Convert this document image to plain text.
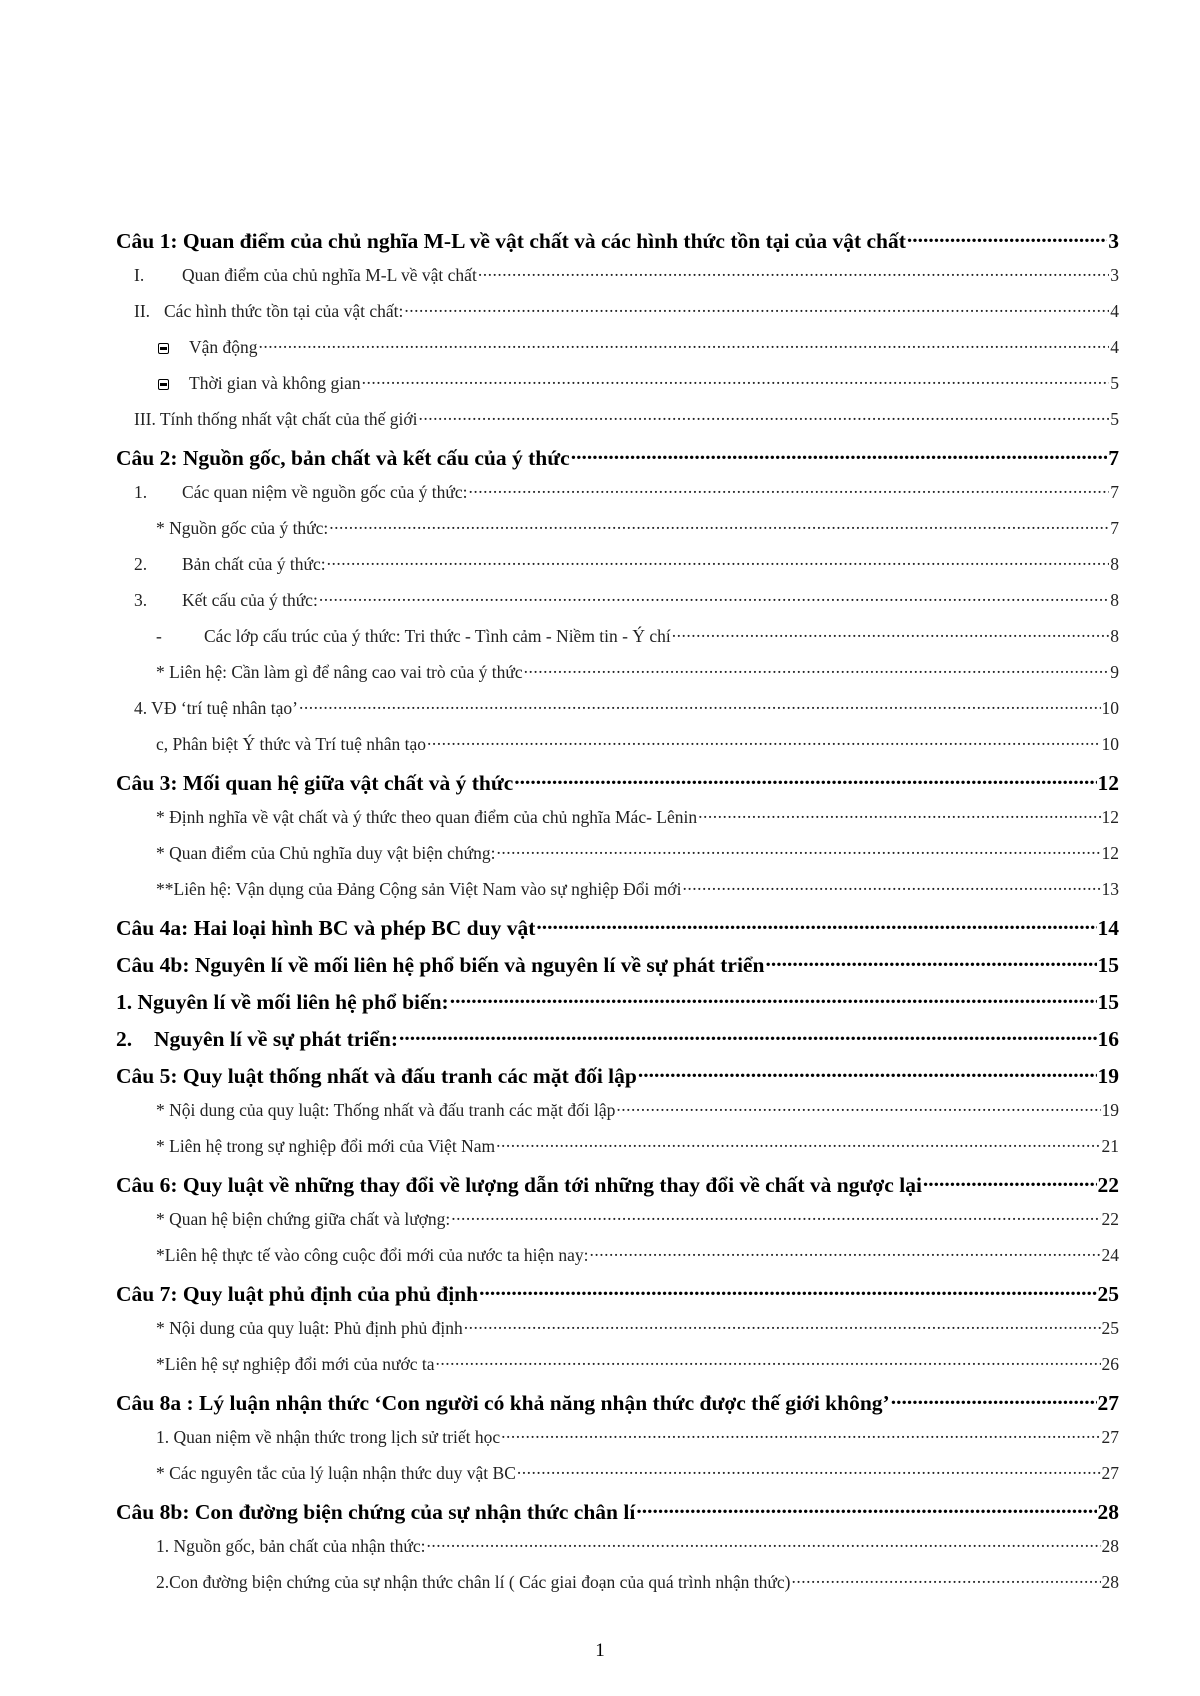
Câu 1: Quan điểm của chủ nghĩa M-L về vật chất và các hình thức tồn tại của vật chất .....	3
I. Quan điểm của chủ nghĩa M-L về vật chất .....	3
II. Các hình thức tồn tại của vật chất: .....	4
Vận động .....	4
Thời gian và không gian .....	5
III. Tính thống nhất vật chất của thế giới .....	5
Câu 2: Nguồn gốc, bản chất và kết cấu của ý thức .....	7
1. Các quan niệm về nguồn gốc của ý thức: .....	7
* Nguồn gốc của ý thức: .....	7
2. Bản chất của ý thức: .....	8
3. Kết cấu của ý thức: .....	8
- Các lớp cấu trúc của ý thức: Tri thức - Tình cảm - Niềm tin - Ý chí .....	8
* Liên hệ: Cần làm gì để nâng cao vai trò của ý thức .....	9
4. VĐ ‘trí tuệ nhân tạo’ .....	10
c, Phân biệt Ý thức và Trí tuệ nhân tạo .....	10
Câu 3: Mối quan hệ giữa vật chất và ý thức .....	12
* Định nghĩa về vật chất và ý thức theo quan điểm của chủ nghĩa Mác- Lênin .....	12
* Quan điểm của Chủ nghĩa duy vật biện chứng: .....	12
**Liên hệ: Vận dụng của Đảng Cộng sản Việt Nam vào sự nghiệp Đổi mới .....	13
Câu 4a: Hai loại hình BC và phép BC duy vật .....	14
Câu 4b: Nguyên lí về mối liên hệ phổ biến và nguyên lí về sự phát triển .....	15
1. Nguyên lí về mối liên hệ phổ biến: .....	15
2. Nguyên lí về sự phát triển: .....	16
Câu 5: Quy luật thống nhất và đấu tranh các mặt đối lập .....	19
* Nội dung của quy luật: Thống nhất và đấu tranh các mặt đối lập .....	19
* Liên hệ trong sự nghiệp đổi mới của Việt Nam .....	21
Câu 6: Quy luật về những thay đổi về lượng dẫn tới những thay đổi về chất và ngược lại .....	22
* Quan hệ biện chứng giữa chất và lượng: .....	22
*Liên hệ thực tế vào công cuộc đổi mới của nước ta hiện nay: .....	24
Câu 7: Quy luật phủ định của phủ định .....	25
* Nội dung của quy luật: Phủ định phủ định .....	25
*Liên hệ sự nghiệp đổi mới của nước ta .....	26
Câu 8a : Lý luận nhận thức ‘Con người có khả năng nhận thức được thế giới không’ .....	27
1. Quan niệm về nhận thức trong lịch sử triết học .....	27
* Các nguyên tắc của lý luận nhận thức duy vật BC .....	27
Câu 8b: Con đường biện chứng của sự nhận thức chân lí .....	28
1. Nguồn gốc, bản chất của nhận thức: .....	28
2.Con đường biện chứng của sự nhận thức chân lí ( Các giai đoạn của quá trình nhận thức) .....	28
1
